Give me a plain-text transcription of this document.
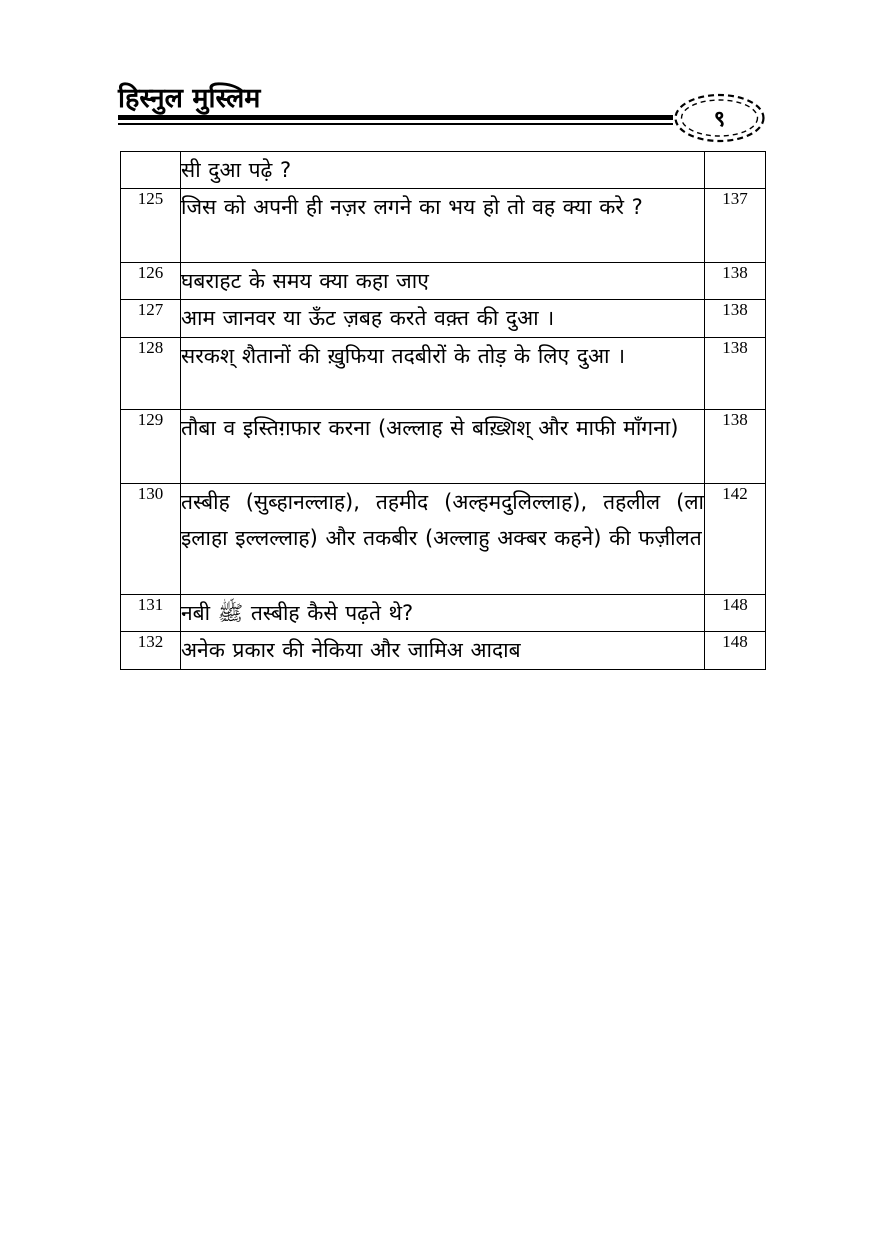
हिस्नुल मुस्लिम
९
	सी दुआ पढ़े ?	
125	जिस को अपनी ही नज़र लगने का भय हो तो वह क्या करे ?	137
126	घबराहट के समय क्या कहा जाए	138
127	आम जानवर या ऊँट ज़बह करते वक़्त की दुआ ।	138
128	सरकश् शैतानों की ख़ुफिया तदबीरों के तोड़ के लिए दुआ ।	138
129	तौबा व इस्तिग़फार करना (अल्लाह से बख़्शिश् और माफी माँगना)	138
130	तस्बीह (सुब्हानल्लाह), तहमीद (अल्हमदुलिल्लाह), तहलील (ला इलाहा इल्लल्लाह) और तकबीर (अल्लाहु अक्बर कहने) की फज़ीलत	142
131	नबी ﷺ तस्बीह कैसे पढ़ते थे?	148
132	अनेक प्रकार की नेकिया और जामिअ आदाब	148
